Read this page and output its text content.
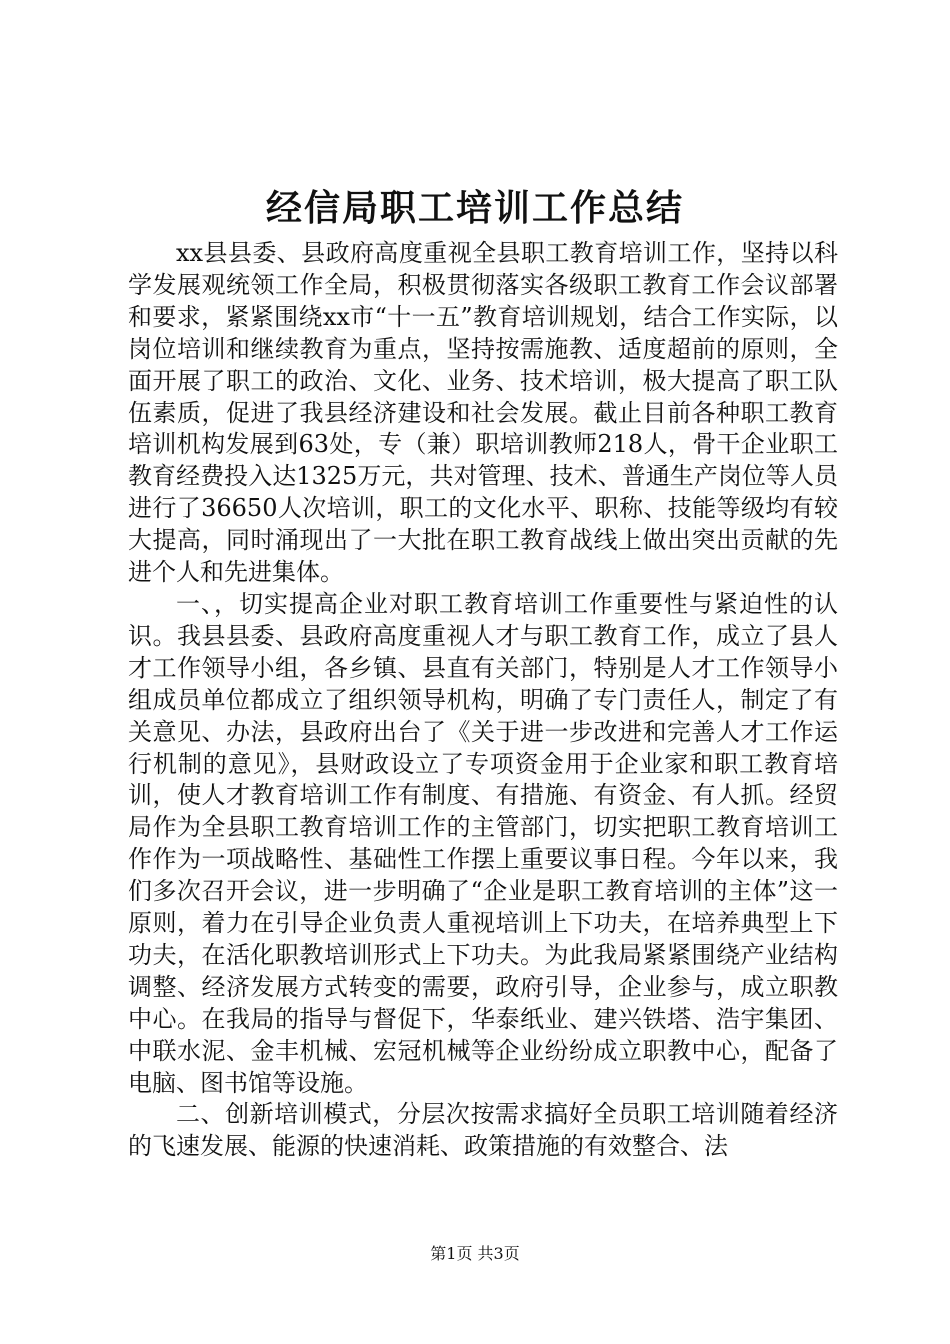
经信局职工培训工作总结

xx县县委、县政府高度重视全县职工教育培训工作，坚持以科学发展观统领工作全局，积极贯彻落实各级职工教育工作会议部署和要求，紧紧围绕xx市“十一五”教育培训规划，结合工作实际，以岗位培训和继续教育为重点，坚持按需施教、适度超前的原则，全面开展了职工的政治、文化、业务、技术培训，极大提高了职工队伍素质，促进了我县经济建设和社会发展。截止目前各种职工教育培训机构发展到63处，专（兼）职培训教师218人，骨干企业职工教育经费投入达1325万元，共对管理、技术、普通生产岗位等人员进行了36650人次培训，职工的文化水平、职称、技能等级均有较大提高，同时涌现出了一大批在职工教育战线上做出突出贡献的先进个人和先进集体。

一、，切实提高企业对职工教育培训工作重要性与紧迫性的认识。我县县委、县政府高度重视人才与职工教育工作，成立了县人才工作领导小组，各乡镇、县直有关部门，特别是人才工作领导小组成员单位都成立了组织领导机构，明确了专门责任人，制定了有关意见、办法，县政府出台了《关于进一步改进和完善人才工作运行机制的意见》，县财政设立了专项资金用于企业家和职工教育培训，使人才教育培训工作有制度、有措施、有资金、有人抓。经贸局作为全县职工教育培训工作的主管部门，切实把职工教育培训工作作为一项战略性、基础性工作摆上重要议事日程。今年以来，我们多次召开会议，进一步明确了“企业是职工教育培训的主体”这一原则，着力在引导企业负责人重视培训上下功夫，在培养典型上下功夫，在活化职教培训形式上下功夫。为此我局紧紧围绕产业结构调整、经济发展方式转变的需要，政府引导，企业参与，成立职教中心。在我局的指导与督促下，华泰纸业、建兴铁塔、浩宇集团、中联水泥、金丰机械、宏冠机械等企业纷纷成立职教中心，配备了电脑、图书馆等设施。

二、创新培训模式，分层次按需求搞好全员职工培训随着经济的飞速发展、能源的快速消耗、政策措施的有效整合、法

第1页 共3页
